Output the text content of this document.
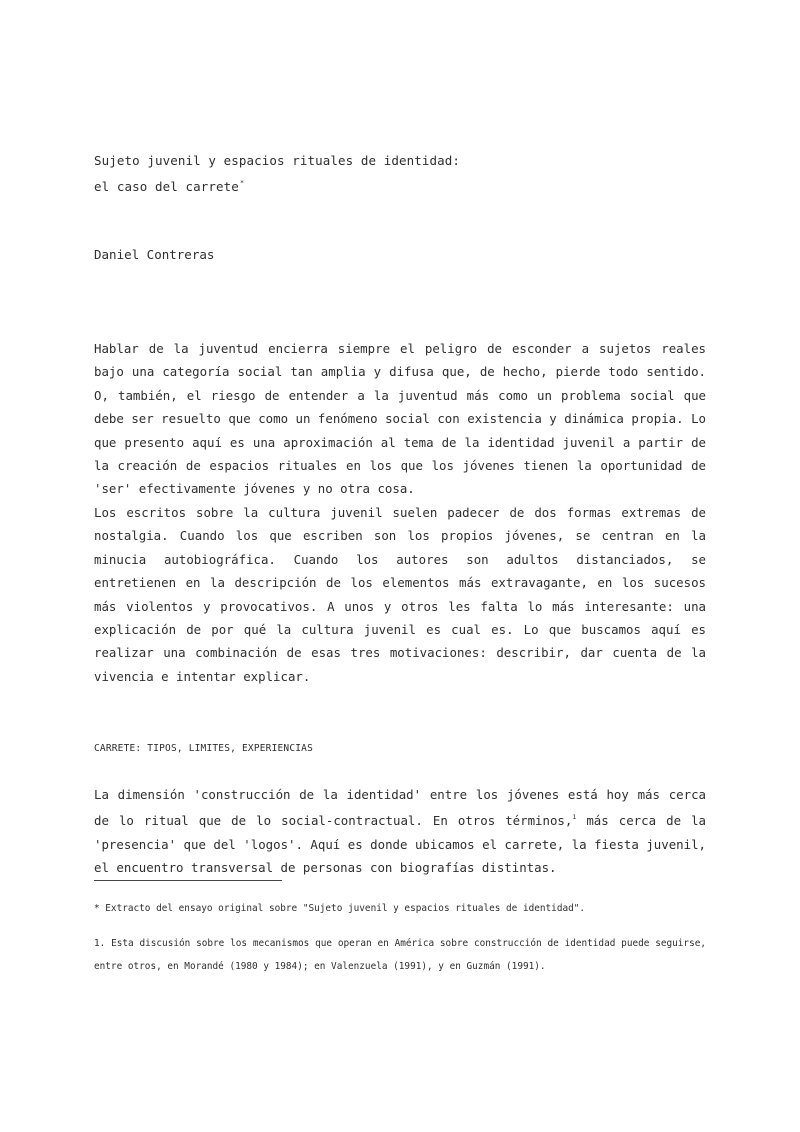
Sujeto juvenil y espacios rituales de identidad:
el caso del carrete*
Daniel Contreras

Hablar de la juventud encierra siempre el peligro de esconder a sujetos reales bajo una categoría social tan amplia y difusa que, de hecho, pierde todo sentido. O, también, el riesgo de entender a la juventud más como un problema social que debe ser resuelto que como un fenómeno social con existencia y dinámica propia. Lo que presento aquí es una aproximación al tema de la identidad juvenil a partir de la creación de espacios rituales en los que los jóvenes tienen la oportunidad de 'ser' efectivamente jóvenes y no otra cosa.

Los escritos sobre la cultura juvenil suelen padecer de dos formas extremas de nostalgia. Cuando los que escriben son los propios jóvenes, se centran en la minucia autobiográfica. Cuando los autores son adultos distanciados, se entretienen en la descripción de los elementos más extravagante, en los sucesos más violentos y provocativos. A unos y otros les falta lo más interesante: una explicación de por qué la cultura juvenil es cual es. Lo que buscamos aquí es realizar una combinación de esas tres motivaciones: describir, dar cuenta de la vivencia e intentar explicar.

CARRETE: TIPOS, LIMITES, EXPERIENCIAS

La dimensión 'construcción de la identidad' entre los jóvenes está hoy más cerca de lo ritual que de lo social-contractual. En otros términos,$^1$ más cerca de la 'presencia' que del 'logos'. Aquí es donde ubicamos el carrete, la fiesta juvenil, el encuentro transversal de personas con biografías distintas.

* Extracto del ensayo original sobre "Sujeto juvenil y espacios rituales de identidad".

1. Esta discusión sobre los mecanismos que operan en América sobre construcción de identidad puede seguirse, entre otros, en Morandé (1980 y 1984); en Valenzuela (1991), y en Guzmán (1991).
